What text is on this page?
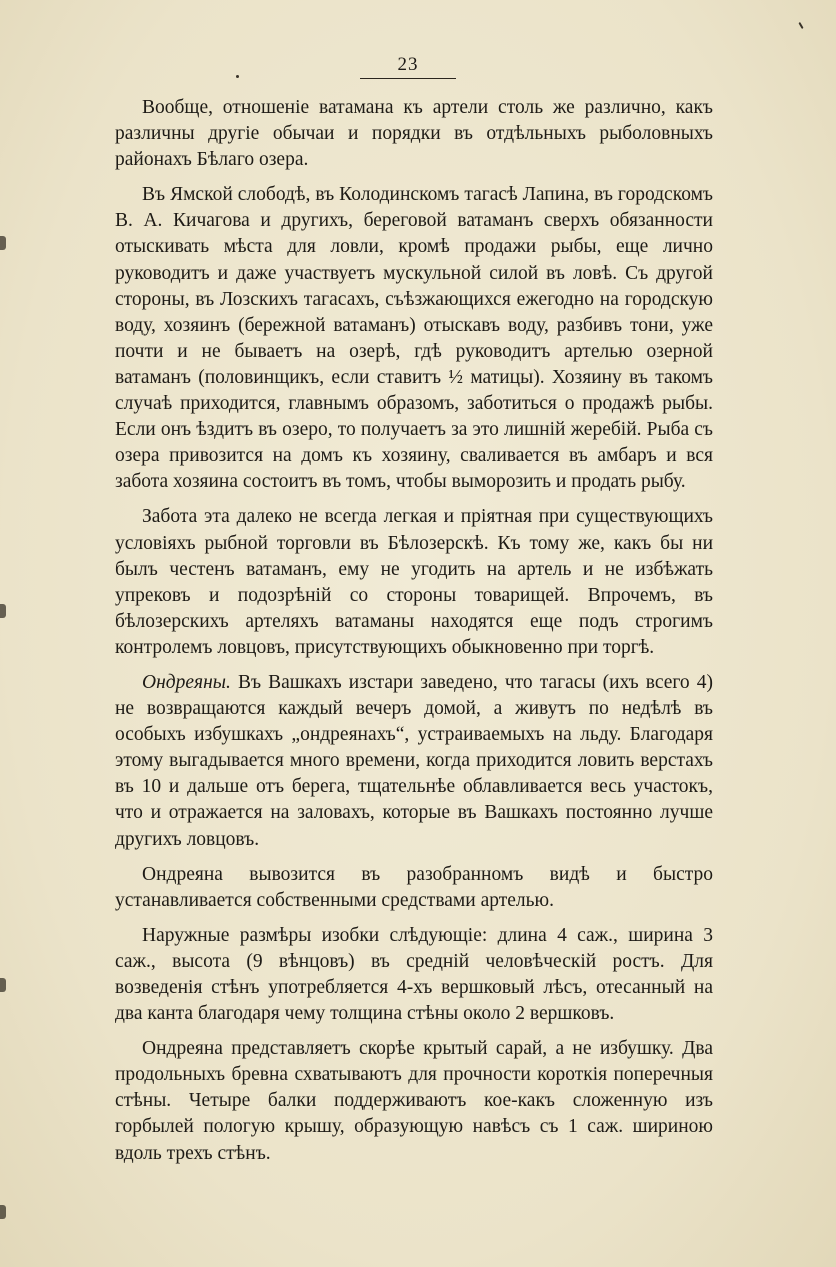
23

Вообще, отношеніе ватамана къ артели столь же различно, какъ различны другіе обычаи и порядки въ отдѣльныхъ рыболовныхъ районахъ Бѣлаго озера.

Въ Ямской слободѣ, въ Колодинскомъ тагасѣ Лапина, въ городскомъ В. А. Кичагова и другихъ, береговой ватаманъ сверхъ обязанности отыскивать мѣста для ловли, кромѣ продажи рыбы, еще лично руководитъ и даже участвуетъ мускульной силой въ ловѣ. Съ другой стороны, въ Лозскихъ тагасахъ, съѣзжающихся ежегодно на городскую воду, хозяинъ (бережной ватаманъ) отыскавъ воду, разбивъ тони, уже почти и не бываетъ на озерѣ, гдѣ руководитъ артелью озерной ватаманъ (половинщикъ, если ставитъ ½ матицы). Хозяину въ такомъ случаѣ приходится, главнымъ образомъ, заботиться о продажѣ рыбы. Если онъ ѣздитъ въ озеро, то получаетъ за это лишній жеребій. Рыба съ озера привозится на домъ къ хозяину, сваливается въ амбаръ и вся забота хозяина состоитъ въ томъ, чтобы выморозить и продать рыбу.

Забота эта далеко не всегда легкая и пріятная при существующихъ условіяхъ рыбной торговли въ Бѣлозерскѣ. Къ тому же, какъ бы ни былъ честенъ ватаманъ, ему не угодить на артель и не избѣжать упрековъ и подозрѣній со стороны товарищей. Впрочемъ, въ бѣлозерскихъ артеляхъ ватаманы находятся еще подъ строгимъ контролемъ ловцовъ, присутствующихъ обыкновенно при торгѣ.

Ондреяны. Въ Вашкахъ изстари заведено, что тагасы (ихъ всего 4) не возвращаются каждый вечеръ домой, а живутъ по недѣлѣ въ особыхъ избушкахъ „ондреянахъ“, устраиваемыхъ на льду. Благодаря этому выгадывается много времени, когда приходится ловить верстахъ въ 10 и дальше отъ берега, тщательнѣе облавливается весь участокъ, что и отражается на заловахъ, которые въ Вашкахъ постоянно лучше другихъ ловцовъ.

Ондреяна вывозится въ разобранномъ видѣ и быстро устанавливается собственными средствами артелью.

Наружные размѣры изобки слѣдующіе: длина 4 саж., ширина 3 саж., высота (9 вѣнцовъ) въ средній человѣческій ростъ. Для возведенія стѣнъ употребляется 4-хъ вершковый лѣсъ, отесанный на два канта благодаря чему толщина стѣны около 2 вершковъ.

Ондреяна представляетъ скорѣе крытый сарай, а не избушку. Два продольныхъ бревна схватываютъ для прочности короткія поперечныя стѣны. Четыре балки поддерживаютъ кое-какъ сложенную изъ горбылей пологую крышу, образующую навѣсъ съ 1 саж. шириною вдоль трехъ стѣнъ.
